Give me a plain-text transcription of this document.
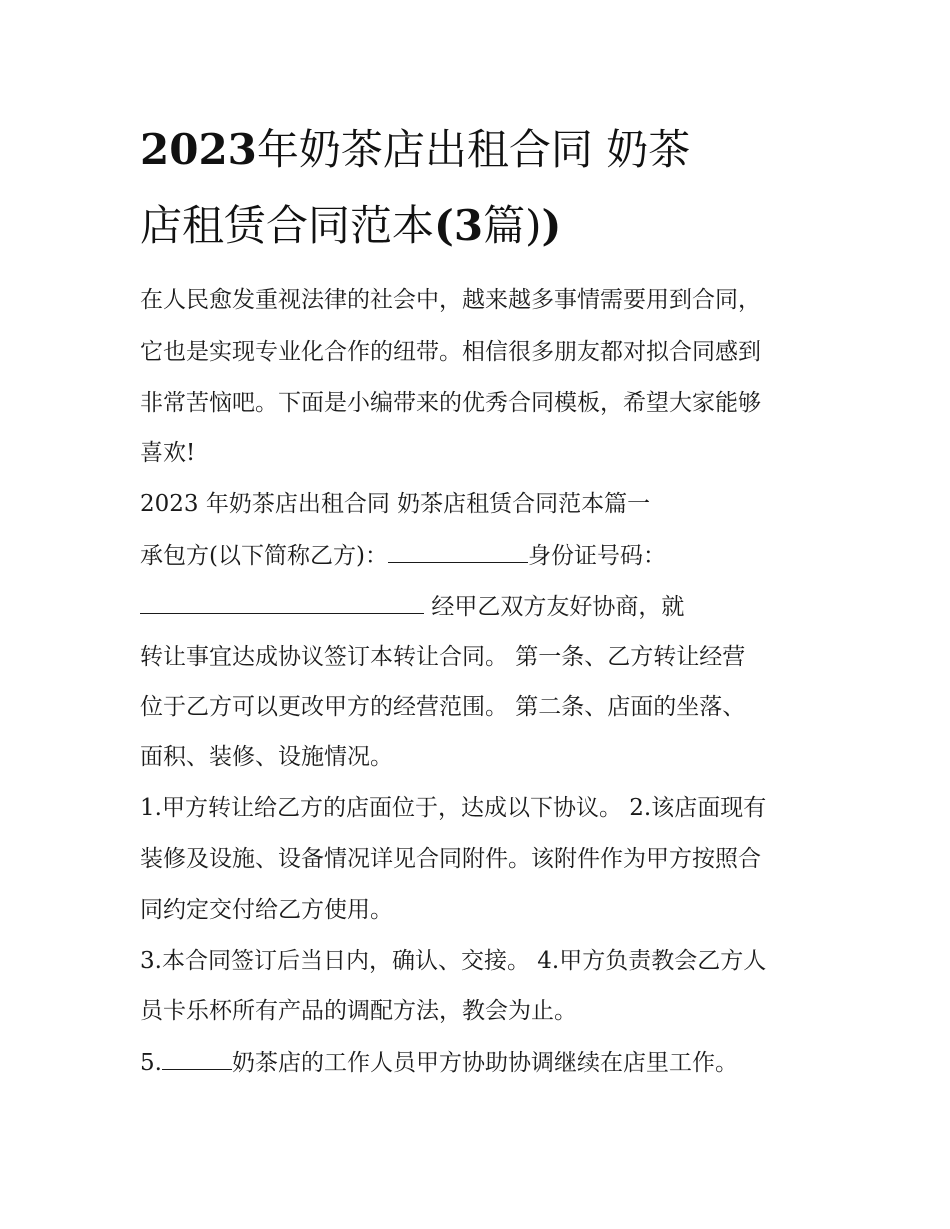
2023年奶茶店出租合同 奶茶
店租赁合同范本(3篇))

在人民愈发重视法律的社会中，越来越多事情需要用到合同，

它也是实现专业化合作的纽带。相信很多朋友都对拟合同感到

非常苦恼吧。下面是小编带来的优秀合同模板，希望大家能够

喜欢!

2023 年奶茶店出租合同 奶茶店租赁合同范本篇一

承包方(以下简称乙方)：	身份证号码：

经甲乙双方友好协商，就

转让事宜达成协议签订本转让合同。 第一条、乙方转让经营

位于乙方可以更改甲方的经营范围。 第二条、店面的坐落、

面积、装修、设施情况。

1.甲方转让给乙方的店面位于，达成以下协议。 2.该店面现有

装修及设施、设备情况详见合同附件。该附件作为甲方按照合

同约定交付给乙方使用。

3.本合同签订后当日内，确认、交接。 4.甲方负责教会乙方人

员卡乐杯所有产品的调配方法，教会为止。

5.	奶茶店的工作人员甲方协助协调继续在店里工作。
